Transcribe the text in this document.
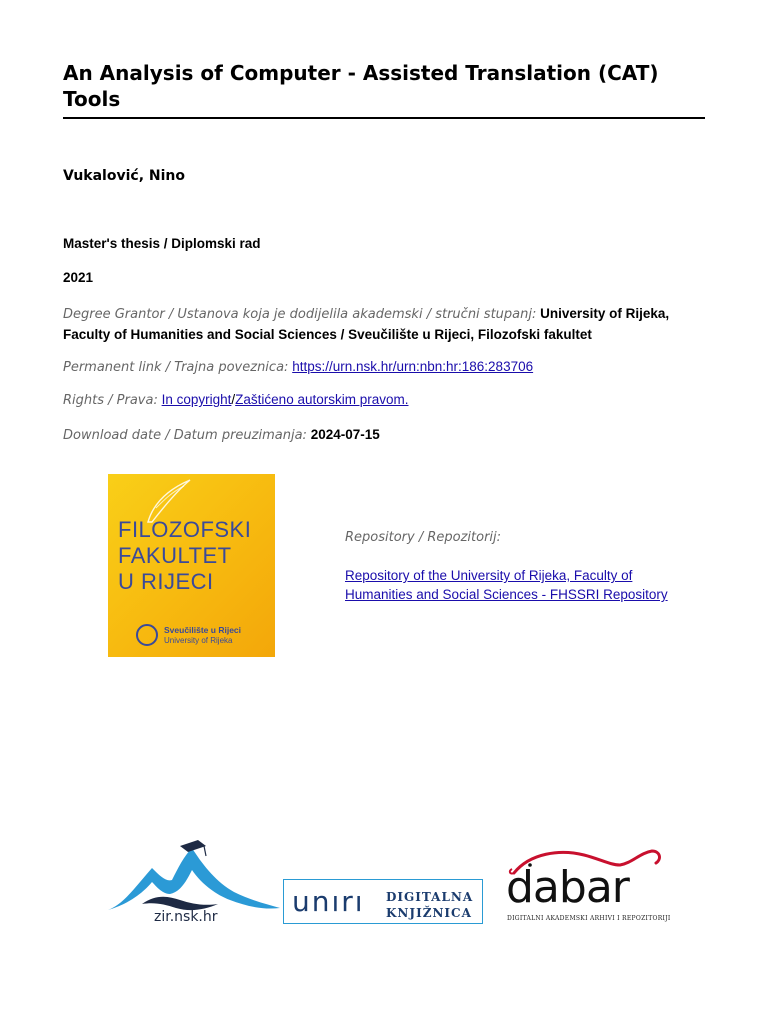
An Analysis of Computer - Assisted Translation (CAT) Tools
Vukalović, Nino
Master's thesis / Diplomski rad
2021
Degree Grantor / Ustanova koja je dodijelila akademski / stručni stupanj: University of Rijeka, Faculty of Humanities and Social Sciences / Sveučilište u Rijeci, Filozofski fakultet
Permanent link / Trajna poveznica: https://urn.nsk.hr/urn:nbn:hr:186:283706
Rights / Prava: In copyright/Zaštićeno autorskim pravom.
Download date / Datum preuzimanja: 2024-07-15
FILOZOFSKI
FAKULTET
U RIJECI
Sveučilište u Rijeci
University of Rijeka
Repository / Repozitorij:
Repository of the University of Rijeka, Faculty of Humanities and Social Sciences - FHSSRI Repository
zir.nsk.hr	unırı DIGITALNA
KNJIŽNICA dabar
DIGITALNI AKADEMSKI ARHIVI I REPOZITORIJI
